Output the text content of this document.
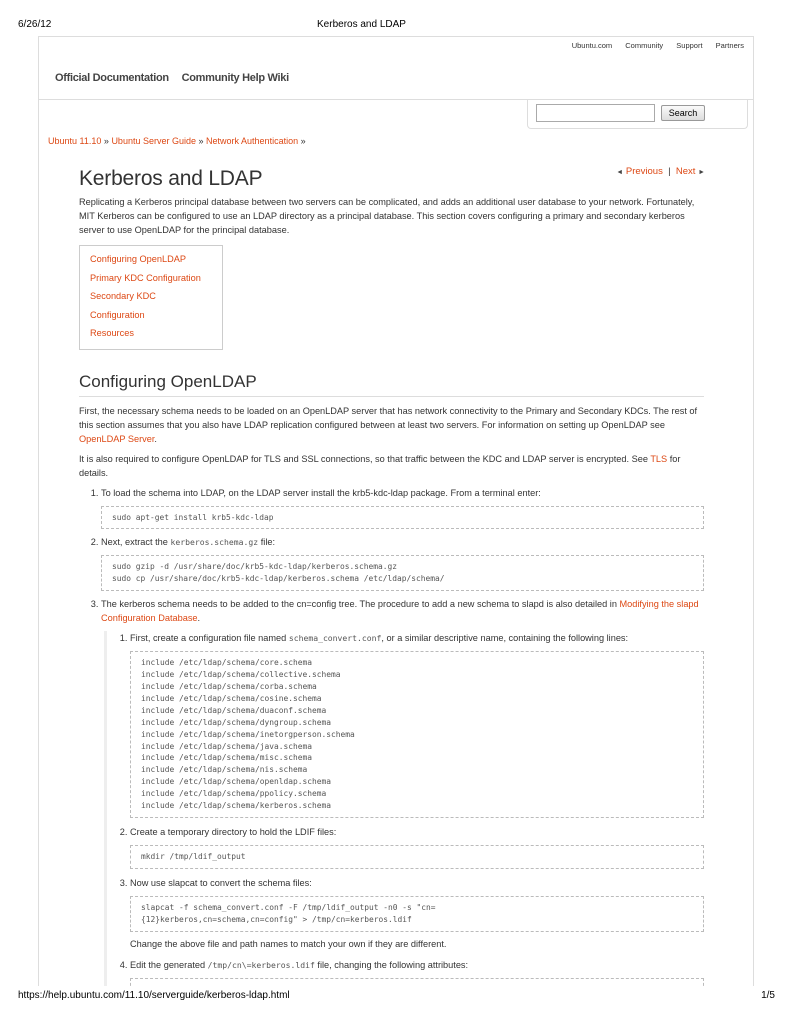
6/26/12	Kerberos and LDAP
Ubuntu.com Community Support Partners
Official Documentation Community Help Wiki
Search
Ubuntu 11.10 » Ubuntu Server Guide » Network Authentication »
◄ Previous | Next ►
Kerberos and LDAP

Replicating a Kerberos principal database between two servers can be complicated, and adds an additional user database to your network. Fortunately, MIT Kerberos can be configured to use an LDAP directory as a principal database. This section covers configuring a primary and secondary kerberos server to use OpenLDAP for the principal database.

Configuring OpenLDAP
Primary KDC Configuration
Secondary KDC Configuration
Resources
Configuring OpenLDAP

First, the necessary schema needs to be loaded on an OpenLDAP server that has network connectivity to the Primary and Secondary KDCs. The rest of this section assumes that you also have LDAP replication configured between at least two servers. For information on setting up OpenLDAP see OpenLDAP Server.

It is also required to configure OpenLDAP for TLS and SSL connections, so that traffic between the KDC and LDAP server is encrypted. See TLS for details.

1. To load the schema into LDAP, on the LDAP server install the krb5-kdc-ldap package. From a terminal enter:
sudo apt-get install krb5-kdc-ldap
2. Next, extract the kerberos.schema.gz file:
sudo gzip -d /usr/share/doc/krb5-kdc-ldap/kerberos.schema.gz
sudo cp /usr/share/doc/krb5-kdc-ldap/kerberos.schema /etc/ldap/schema/
3. The kerberos schema needs to be added to the cn=config tree. The procedure to add a new schema to slapd is also detailed in Modifying the slapd Configuration Database.
1. First, create a configuration file named schema_convert.conf, or a similar descriptive name, containing the following lines:
include /etc/ldap/schema/core.schema
include /etc/ldap/schema/collective.schema
include /etc/ldap/schema/corba.schema
include /etc/ldap/schema/cosine.schema
include /etc/ldap/schema/duaconf.schema
include /etc/ldap/schema/dyngroup.schema
include /etc/ldap/schema/inetorgperson.schema
include /etc/ldap/schema/java.schema
include /etc/ldap/schema/misc.schema
include /etc/ldap/schema/nis.schema
include /etc/ldap/schema/openldap.schema
include /etc/ldap/schema/ppolicy.schema
include /etc/ldap/schema/kerberos.schema
2. Create a temporary directory to hold the LDIF files:
mkdir /tmp/ldif_output
3. Now use slapcat to convert the schema files:
slapcat -f schema_convert.conf -F /tmp/ldif_output -n0 -s "cn=
{12}kerberos,cn=schema,cn=config" > /tmp/cn=kerberos.ldif
Change the above file and path names to match your own if they are different.
4. Edit the generated /tmp/cn\=kerberos.ldif file, changing the following attributes:
https://help.ubuntu.com/11.10/serverguide/kerberos-ldap.html	1/5
